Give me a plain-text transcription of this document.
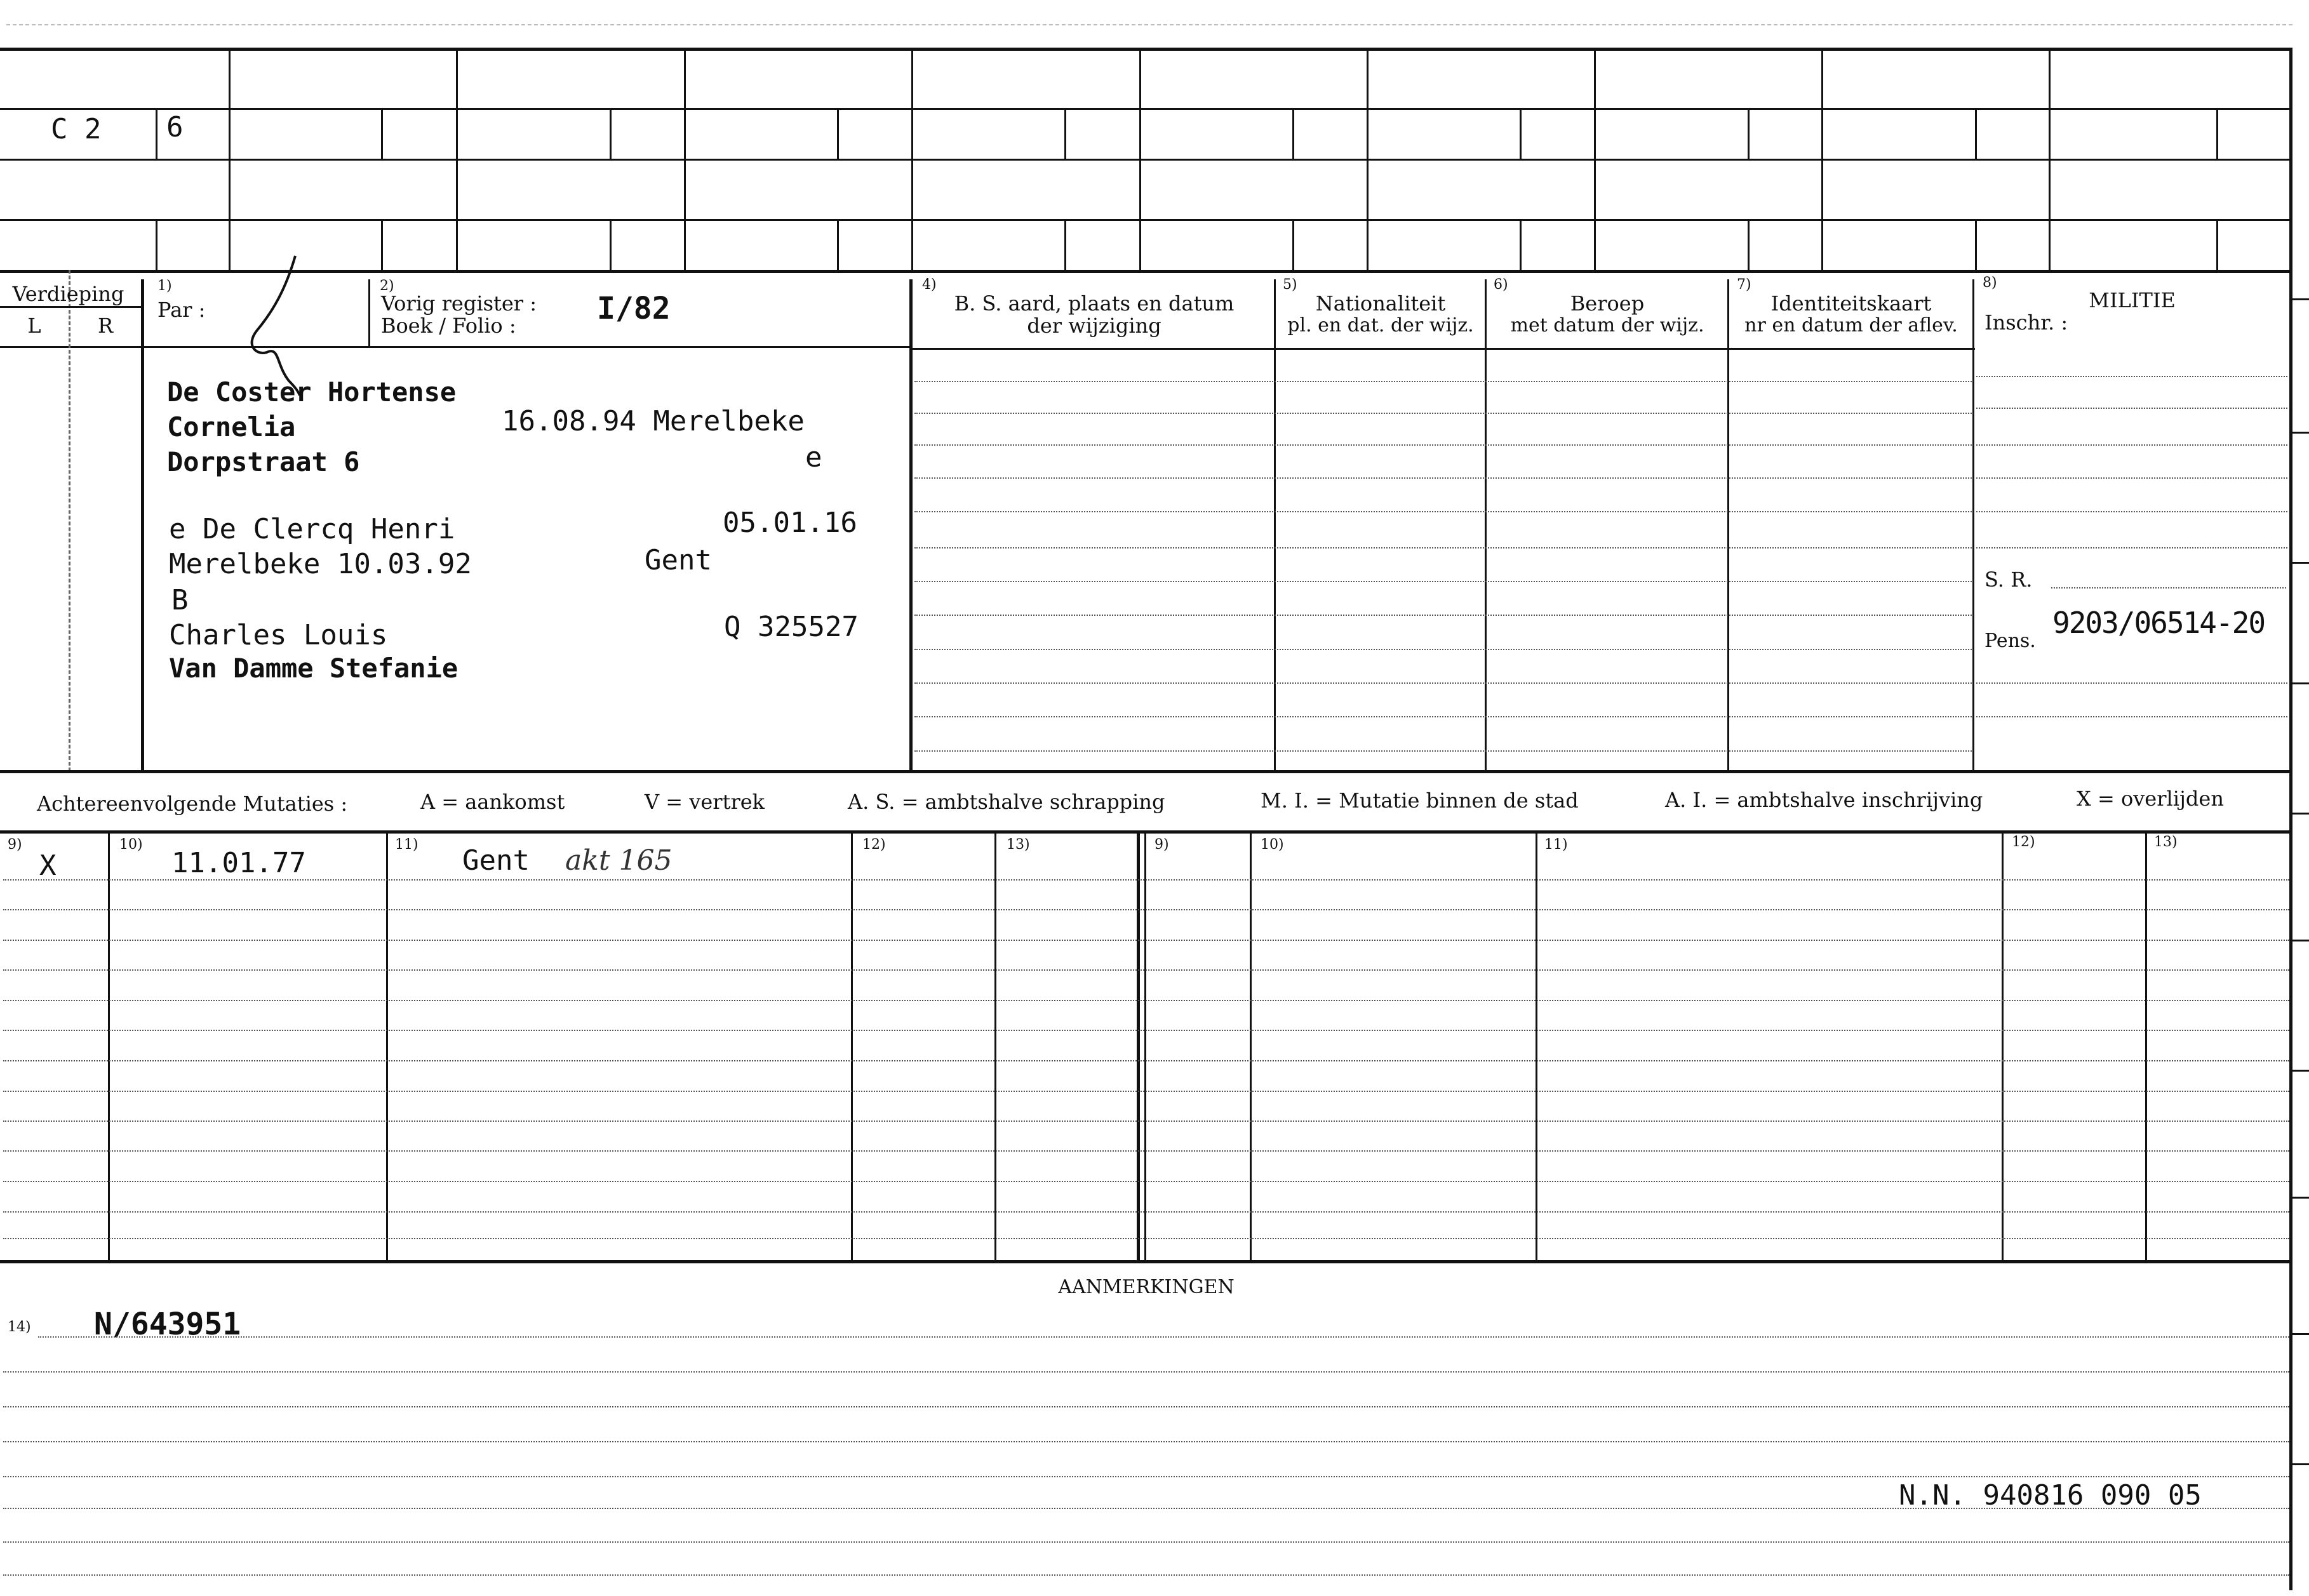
C 2 6
Verdieping
L	R
1)
Par :
2)
Vorig register :
Boek / Folio :	I/82
4)
B. S. aard, plaats en datum
der wijziging
5)
Nationaliteit
pl. en dat. der wijz.
6)
Beroep
met datum der wijz.
7)
Identiteitskaart
nr en datum der aflev.
8)
MILITIE
Inschr. :
De Coster Hortense
Cornelia	16.08.94 Merelbeke
Dorpstraat 6	e
e De Clercq Henri	05.01.16
Merelbeke 10.03.92	Gent
B
Charles Louis	Q 325527
Van Damme Stefanie
S. R.
Pens.
9203/06514-20
Achtereenvolgende Mutaties :	A = aankomst	V = vertrek	A. S. = ambtshalve schrapping	M. I. = Mutatie binnen de stad	A. I. = ambtshalve inschrijving	X = overlijden
9)	10)	11)	12)	13)	9)	10)	11)	12)	13)
X	11.01.77	Gent akt 165
AANMERKINGEN
14) N/643951
N.N. 940816 090 05
